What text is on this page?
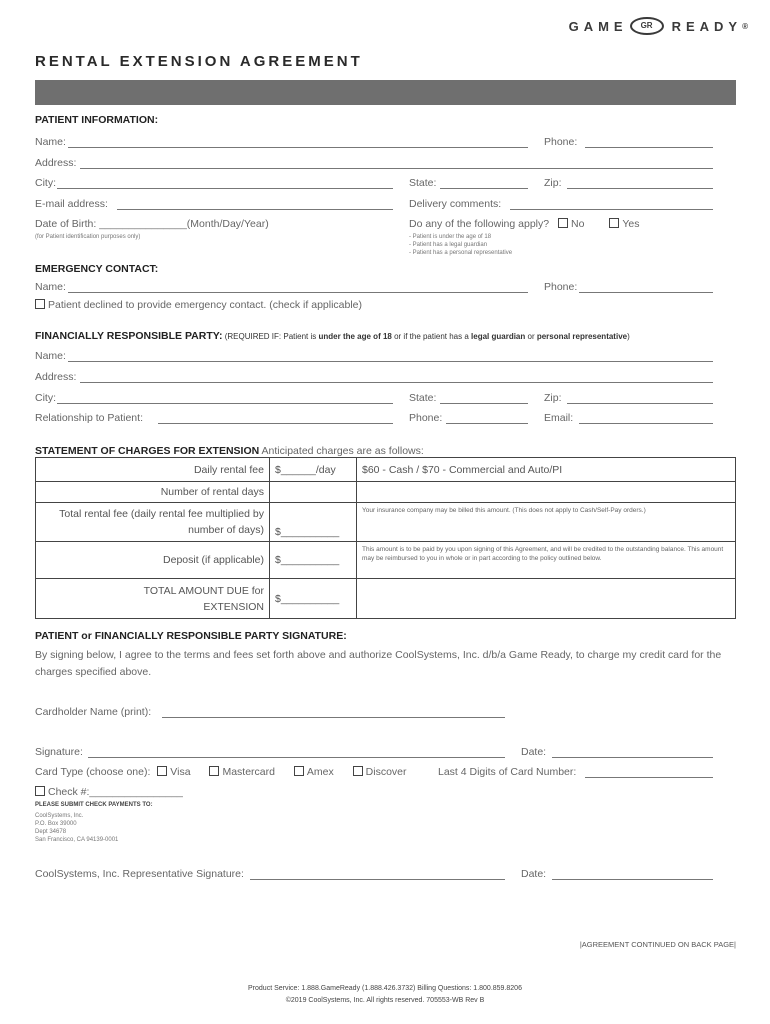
GAME	GR	READY ®
RENTAL EXTENSION AGREEMENT
PATIENT INFORMATION:
Name:	Phone:
Address:
City:	State:	Zip:
E-mail address:	Delivery comments:
Date of Birth: _______________(Month/Day/Year)
(for Patient identification purposes only)
Do any of the following apply? No	Yes
- Patient is under the age of 18
- Patient has a legal guardian
- Patient has a personal representative
EMERGENCY CONTACT:
Name:	Phone:
Patient declined to provide emergency contact. (check if applicable)
FINANCIALLY RESPONSIBLE PARTY: (REQUIRED IF: Patient is under the age of 18 or if the patient has a legal guardian or personal representative)
Name:
Address:
City:	State:	Zip:
Relationship to Patient:	Phone:	Email:
STATEMENT OF CHARGES FOR EXTENSION Anticipated charges are as follows:
Daily rental fee	$______/day	$60 - Cash / $70 - Commercial and Auto/PI
Number of rental days		
Total rental fee (daily rental fee multiplied by number of days)	$__________	Your insurance company may be billed this amount. (This does not apply to Cash/Self-Pay orders.)
Deposit (if applicable)	$__________	This amount is to be paid by you upon signing of this Agreement, and will be credited to the outstanding balance. This amount may be reimbursed to you in whole or in part according to the policy outlined below.
TOTAL AMOUNT DUE for EXTENSION	$__________	
PATIENT or FINANCIALLY RESPONSIBLE PARTY SIGNATURE:
By signing below, I agree to the terms and fees set forth above and authorize CoolSystems, Inc. d/b/a Game Ready, to charge my credit card for the charges specified above.
Cardholder Name (print):
Signature:	Date:
Card Type (choose one): Visa	Mastercard	Amex	Discover	Last 4 Digits of Card Number:
Check #:________________
PLEASE SUBMIT CHECK PAYMENTS TO:
CoolSystems, Inc.
P.O. Box 39000
Dept 34678
San Francisco, CA 94139-0001
CoolSystems, Inc. Representative Signature:	Date:
|AGREEMENT CONTINUED ON BACK PAGE|
Product Service: 1.888.GameReady (1.888.426.3732) Billing Questions: 1.800.859.8206
©2019 CoolSystems, Inc. All rights reserved. 705553-WB Rev B
